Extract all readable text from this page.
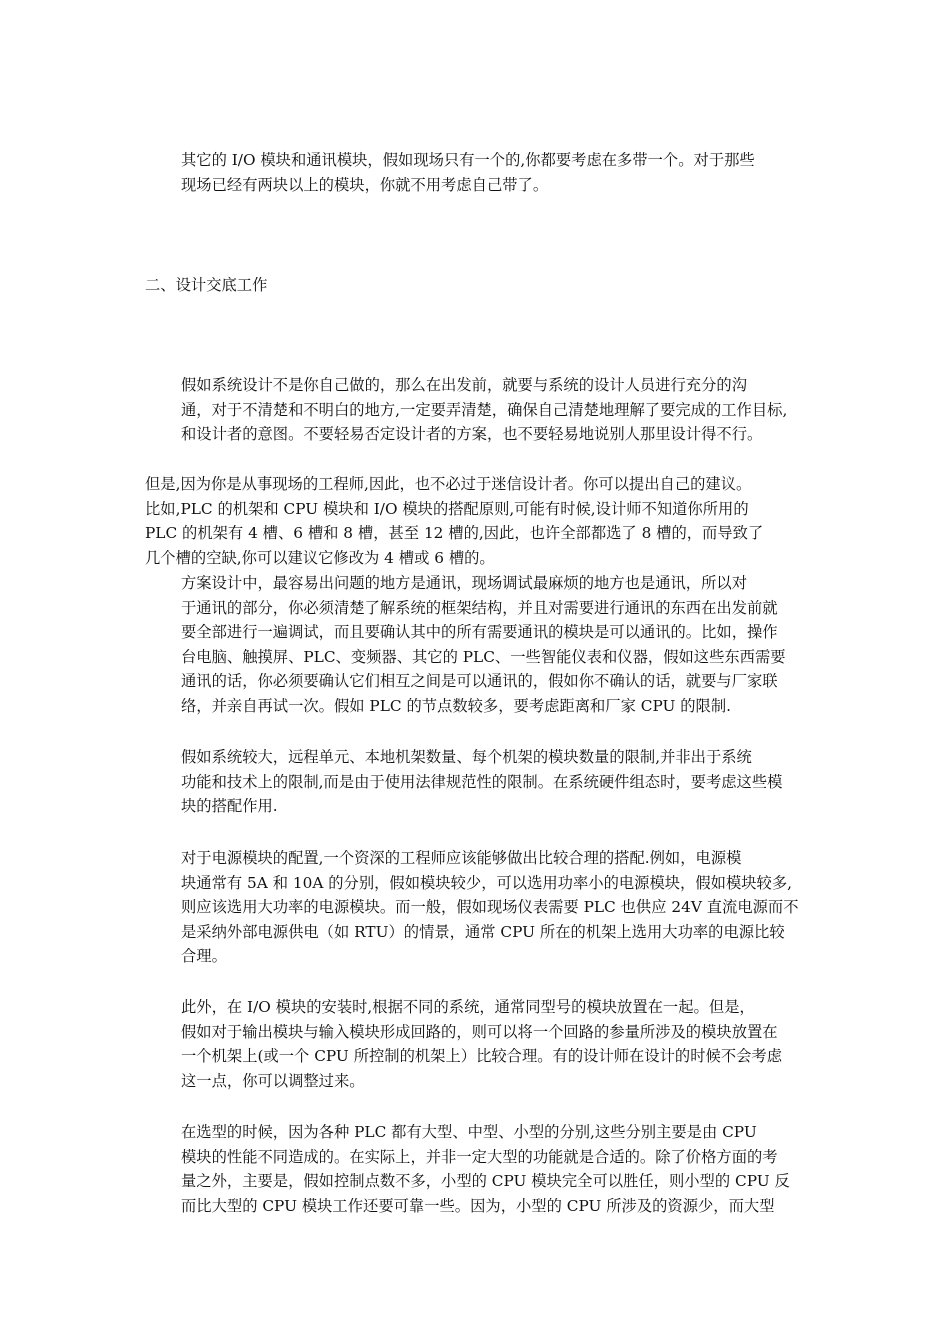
其它的 I/O 模块和通讯模块，假如现场只有一个的,你都要考虑在多带一个。对于那些
现场已经有两块以上的模块，你就不用考虑自己带了。
二、设计交底工作
假如系统设计不是你自己做的，那么在出发前，就要与系统的设计人员进行充分的沟
通，对于不清楚和不明白的地方,一定要弄清楚，确保自己清楚地理解了要完成的工作目标,
和设计者的意图。不要轻易否定设计者的方案，也不要轻易地说别人那里设计得不行。
但是,因为你是从事现场的工程师,因此，也不必过于迷信设计者。你可以提出自己的建议。
比如,PLC 的机架和 CPU 模块和 I/O 模块的搭配原则,可能有时候,设计师不知道你所用的
PLC 的机架有 4 槽、6 槽和 8 槽，甚至 12 槽的,因此，也许全部都选了 8 槽的，而导致了
几个槽的空缺,你可以建议它修改为 4 槽或 6 槽的。
方案设计中，最容易出问题的地方是通讯，现场调试最麻烦的地方也是通讯，所以对
于通讯的部分，你必须清楚了解系统的框架结构，并且对需要进行通讯的东西在出发前就
要全部进行一遍调试，而且要确认其中的所有需要通讯的模块是可以通讯的。比如，操作
台电脑、触摸屏、PLC、变频器、其它的 PLC、一些智能仪表和仪器，假如这些东西需要
通讯的话，你必须要确认它们相互之间是可以通讯的，假如你不确认的话，就要与厂家联
络，并亲自再试一次。假如 PLC 的节点数较多，要考虑距离和厂家 CPU 的限制.
假如系统较大，远程单元、本地机架数量、每个机架的模块数量的限制,并非出于系统
功能和技术上的限制,而是由于使用法律规范性的限制。在系统硬件组态时，要考虑这些模
块的搭配作用.
对于电源模块的配置,一个资深的工程师应该能够做出比较合理的搭配.例如，电源模
块通常有 5A 和 10A 的分别，假如模块较少，可以选用功率小的电源模块，假如模块较多,
则应该选用大功率的电源模块。而一般，假如现场仪表需要 PLC 也供应 24V 直流电源而不
是采纳外部电源供电（如 RTU）的情景，通常 CPU 所在的机架上选用大功率的电源比较
合理。
此外，在 I/O 模块的安装时,根据不同的系统，通常同型号的模块放置在一起。但是，
假如对于输出模块与输入模块形成回路的，则可以将一个回路的参量所涉及的模块放置在
一个机架上(或一个 CPU 所控制的机架上）比较合理。有的设计师在设计的时候不会考虑
这一点，你可以调整过来。
在选型的时候，因为各种 PLC 都有大型、中型、小型的分别,这些分别主要是由 CPU
模块的性能不同造成的。在实际上，并非一定大型的功能就是合适的。除了价格方面的考
量之外，主要是，假如控制点数不多，小型的 CPU 模块完全可以胜任，则小型的 CPU 反
而比大型的 CPU 模块工作还要可靠一些。因为，小型的 CPU 所涉及的资源少，而大型
